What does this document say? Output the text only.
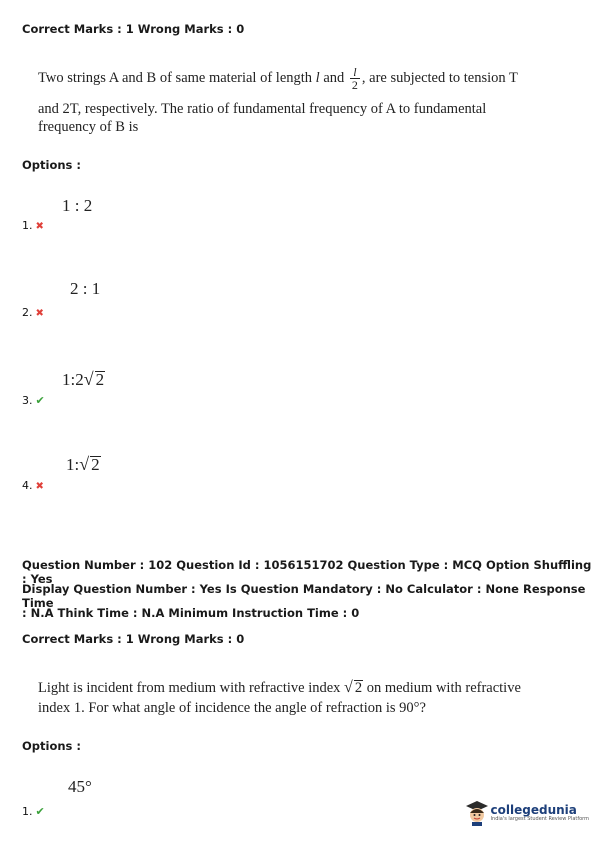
Correct Marks : 1 Wrong Marks : 0
Two strings A and B of same material of length l and $\frac{l}{2}$ , are subjected to tension T
and 2T, respectively. The ratio of fundamental frequency of A to fundamental
frequency of B is
Options :
1 : 2
1. ✖
2 : 1
2. ✖
1:2√ 2
3. ✔
1:√ 2
4. ✖
Question Number : 102 Question Id : 1056151702 Question Type : MCQ Option Shuffling : Yes
Display Question Number : Yes Is Question Mandatory : No Calculator : None Response Time
: N.A Think Time : N.A Minimum Instruction Time : 0
Correct Marks : 1 Wrong Marks : 0
Light is incident from medium with refractive index √ 2 on medium with refractive
index 1. For what angle of incidence the angle of refraction is 90°?
Options :
45°
1. ✔	collegedunia
India's largest Student Review Platform
